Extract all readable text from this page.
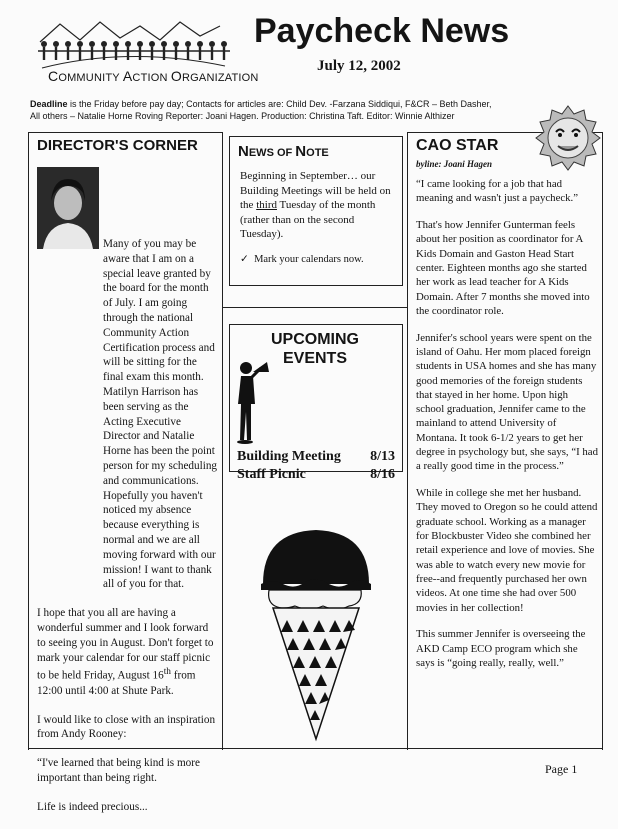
COMMUNITY ACTION ORGANIZATION
Paycheck News
July 12, 2002
Deadline is the Friday before pay day; Contacts for articles are: Child Dev. -Farzana Siddiqui, F&CR – Beth Dasher,
All others – Natalie Horne Roving Reporter: Joani Hagen. Production: Christina Taft. Editor: Winnie Althizer
DIRECTOR'S CORNER

Many of you may be aware that I am on a special leave granted by the board for the month of July. I am going through the national Community Action Certification process and will be sitting for the final exam this month. Matilyn Harrison has been serving as the Acting Executive Director and Natalie Horne has been the point person for my scheduling and communications. Hopefully you haven't noticed my absence because everything is normal and we are all moving forward with our mission! I want to thank all of you for that.

I hope that you all are having a wonderful summer and I look forward to seeing you in August. Don't forget to mark your calendar for our staff picnic to be held Friday, August 16th from 12:00 until 4:00 at Shute Park.

I would like to close with an inspiration from Andy Rooney:

“I've learned that being kind is more important than being right.

Life is indeed precious...

NEWS OF NOTE
Beginning in September… our Building Meetings will be held on the third Tuesday of the month (rather than on the second Tuesday).
✓ Mark your calendars now.
UPCOMING
EVENTS
Building Meeting 8/13
Staff Picnic	8/16
CAO STAR
byline: Joani Hagen

“I came looking for a job that had meaning and wasn't just a paycheck.”

That's how Jennifer Gunterman feels about her position as coordinator for A Kids Domain and Gaston Head Start center. Eighteen months ago she started her work as lead teacher for A Kids Domain. After 7 months she moved into the coordinator role.

Jennifer's school years were spent on the island of Oahu. Her mom placed foreign students in USA homes and she has many good memories of the foreign students that stayed in her home. Upon high school graduation, Jennifer came to the mainland to attend University of Montana. It took 6-1/2 years to get her degree in psychology but, she says, “I had a really good time in the process.”

While in college she met her husband. They moved to Oregon so he could attend graduate school. Working as a manager for Blockbuster Video she combined her retail experience and love of movies. She was able to watch every new movie for free--and frequently purchased her own videos. At one time she had over 500 movies in her collection!

This summer Jennifer is overseeing the AKD Camp ECO program which she says is “going really, really, well.”

Page 1
